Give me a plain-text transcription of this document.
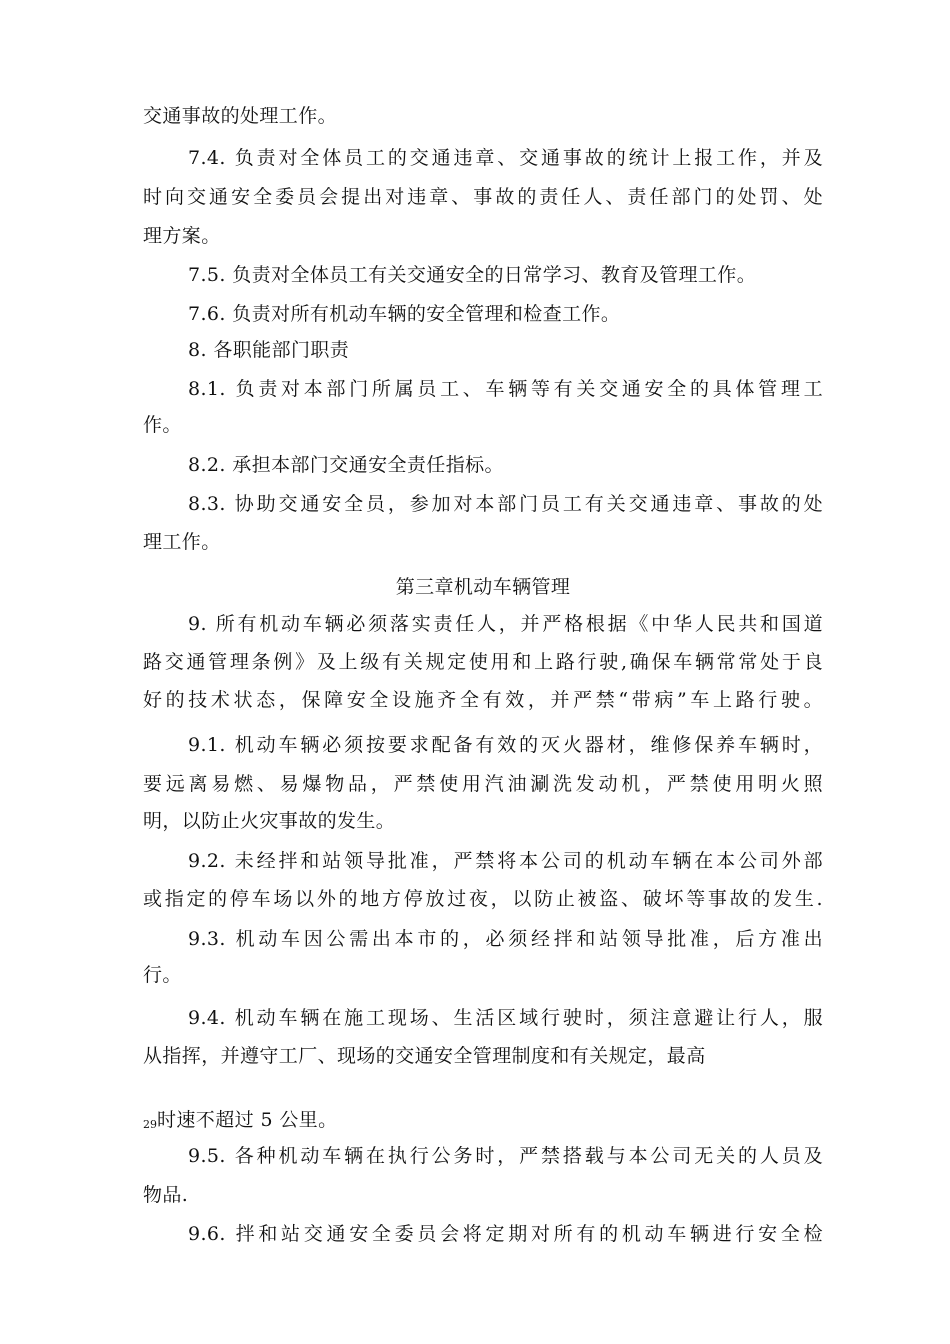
交通事故的处理工作。
7.4. 负责对全体员工的交通违章、交通事故的统计上报工作，并及
时向交通安全委员会提出对违章、事故的责任人、责任部门的处罚、处
理方案。
7.5. 负责对全体员工有关交通安全的日常学习、教育及管理工作。
7.6. 负责对所有机动车辆的安全管理和检查工作。
8. 各职能部门职责
8.1. 负责对本部门所属员工、车辆等有关交通安全的具体管理工
作。
8.2. 承担本部门交通安全责任指标。
8.3. 协助交通安全员，参加对本部门员工有关交通违章、事故的处
理工作。
第三章机动车辆管理
9. 所有机动车辆必须落实责任人，并严格根据《中华人民共和国道
路交通管理条例》及上级有关规定使用和上路行驶,确保车辆常常处于良
好的技术状态，保障安全设施齐全有效，并严禁“带病”车上路行驶。
9.1. 机动车辆必须按要求配备有效的灭火器材，维修保养车辆时，
要远离易燃、易爆物品，严禁使用汽油涮洗发动机，严禁使用明火照
明，以防止火灾事故的发生。
9.2. 未经拌和站领导批准，严禁将本公司的机动车辆在本公司外部
或指定的停车场以外的地方停放过夜，以防止被盗、破坏等事故的发生.
9.3. 机动车因公需出本市的，必须经拌和站领导批准，后方准出
行。
9.4. 机动车辆在施工现场、生活区域行驶时，须注意避让行人，服
从指挥，并遵守工厂、现场的交通安全管理制度和有关规定，最高
29时速不超过 5 公里。
9.5. 各种机动车辆在执行公务时，严禁搭载与本公司无关的人员及
物品.
9.6. 拌和站交通安全委员会将定期对所有的机动车辆进行安全检
